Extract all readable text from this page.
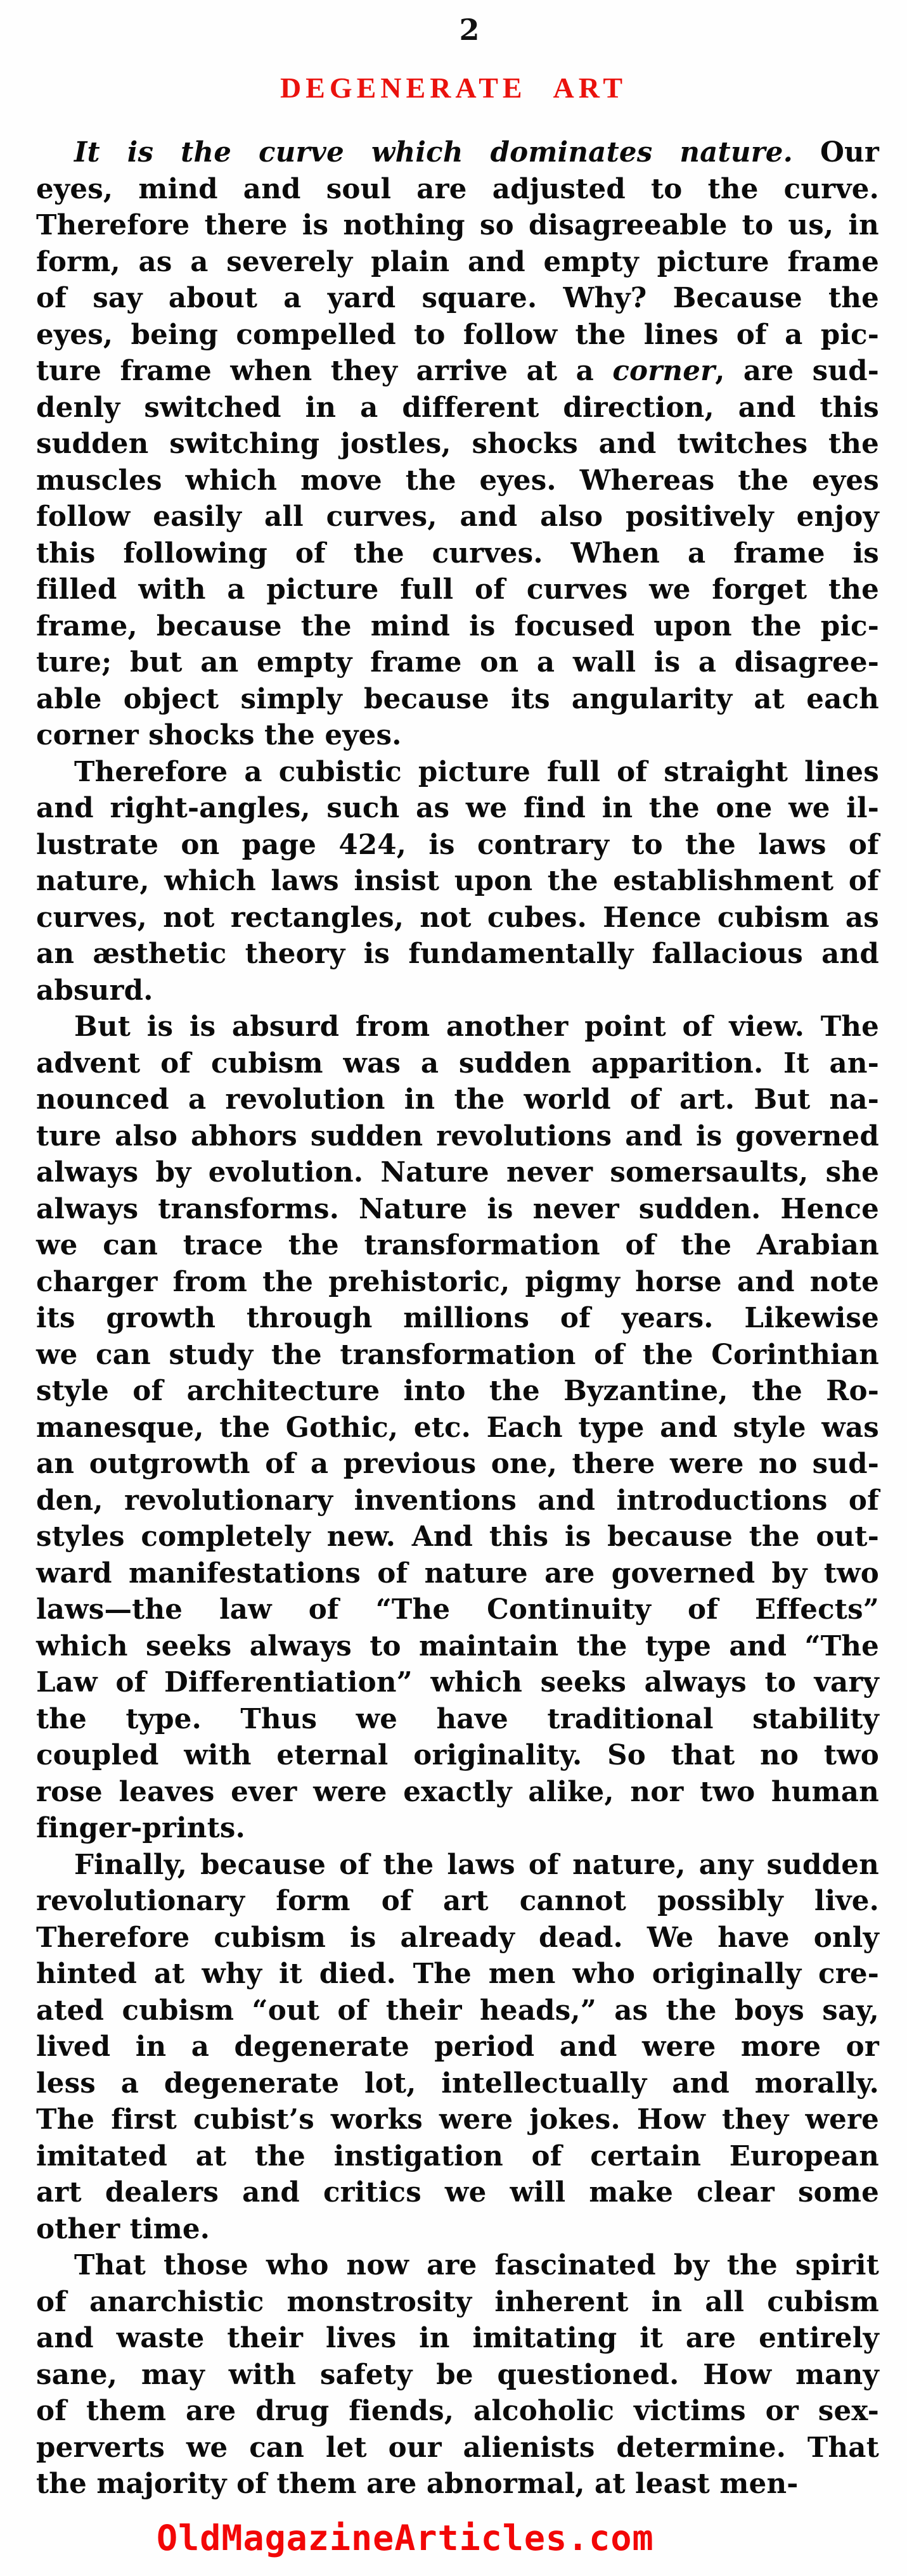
2
DEGENERATE ART
It is the curve which dominates nature. Our
eyes, mind and soul are adjusted to the curve.
Therefore there is nothing so disagreeable to us, in
form, as a severely plain and empty picture frame
of say about a yard square. Why? Because the
eyes, being compelled to follow the lines of a pic-
ture frame when they arrive at a corner, are sud-
denly switched in a different direction, and this
sudden switching jostles, shocks and twitches the
muscles which move the eyes. Whereas the eyes
follow easily all curves, and also positively enjoy
this following of the curves. When a frame is
filled with a picture full of curves we forget the
frame, because the mind is focused upon the pic-
ture; but an empty frame on a wall is a disagree-
able object simply because its angularity at each
corner shocks the eyes.
Therefore a cubistic picture full of straight lines
and right-angles, such as we find in the one we il-
lustrate on page 424, is contrary to the laws of
nature, which laws insist upon the establishment of
curves, not rectangles, not cubes. Hence cubism as
an æsthetic theory is fundamentally fallacious and
absurd.
But is is absurd from another point of view. The
advent of cubism was a sudden apparition. It an-
nounced a revolution in the world of art. But na-
ture also abhors sudden revolutions and is governed
always by evolution. Nature never somersaults, she
always transforms. Nature is never sudden. Hence
we can trace the transformation of the Arabian
charger from the prehistoric, pigmy horse and note
its growth through millions of years. Likewise
we can study the transformation of the Corinthian
style of architecture into the Byzantine, the Ro-
manesque, the Gothic, etc. Each type and style was
an outgrowth of a previous one, there were no sud-
den, revolutionary inventions and introductions of
styles completely new. And this is because the out-
ward manifestations of nature are governed by two
laws—the law of “The Continuity of Effects”
which seeks always to maintain the type and “The
Law of Differentiation” which seeks always to vary
the type. Thus we have traditional stability
coupled with eternal originality. So that no two
rose leaves ever were exactly alike, nor two human
finger-prints.
Finally, because of the laws of nature, any sudden
revolutionary form of art cannot possibly live.
Therefore cubism is already dead. We have only
hinted at why it died. The men who originally cre-
ated cubism “out of their heads,” as the boys say,
lived in a degenerate period and were more or
less a degenerate lot, intellectually and morally.
The first cubist’s works were jokes. How they were
imitated at the instigation of certain European
art dealers and critics we will make clear some
other time.
That those who now are fascinated by the spirit
of anarchistic monstrosity inherent in all cubism
and waste their lives in imitating it are entirely
sane, may with safety be questioned. How many
of them are drug fiends, alcoholic victims or sex-
perverts we can let our alienists determine. That
the majority of them are abnormal, at least men-
OldMagazineArticles.com
